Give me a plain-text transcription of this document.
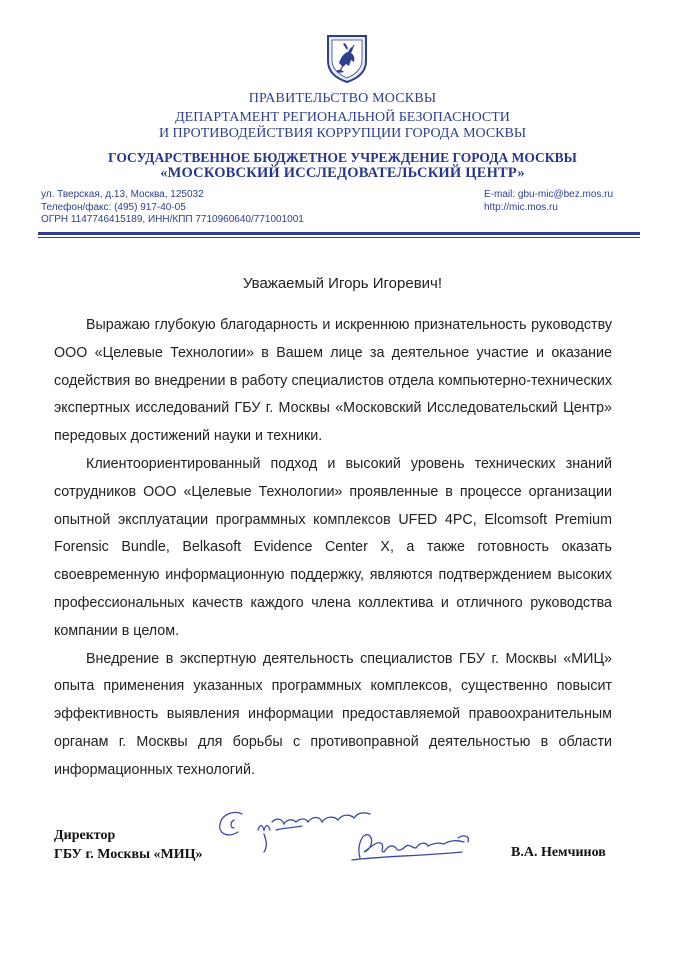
ПРАВИТЕЛЬСТВО МОСКВЫ
ДЕПАРТАМЕНТ РЕГИОНАЛЬНОЙ БЕЗОПАСНОСТИ
И ПРОТИВОДЕЙСТВИЯ КОРРУПЦИИ ГОРОДА МОСКВЫ
ГОСУДАРСТВЕННОЕ БЮДЖЕТНОЕ УЧРЕЖДЕНИЕ ГОРОДА МОСКВЫ
«МОСКОВСКИЙ ИССЛЕДОВАТЕЛЬСКИЙ ЦЕНТР»
ул. Тверская, д.13, Москва, 125032
Телефон/факс: (495) 917-40-05
ОГРН 1147746415189, ИНН/КПП 7710960640/771001001
E-mail: gbu-mic@bez.mos.ru
http://mic.mos.ru
Уважаемый Игорь Игоревич!

Выражаю глубокую благодарность и искреннюю признательность руководству ООО «Целевые Технологии» в Вашем лице за деятельное участие и оказание содействия во внедрении в работу специалистов отдела компьютерно-технических экспертных исследований ГБУ г. Москвы «Московский Исследовательский Центр» передовых достижений науки и техники.

Клиентоориентированный подход и высокий уровень технических знаний сотрудников ООО «Целевые Технологии» проявленные в процессе организации опытной эксплуатации программных комплексов UFED 4PC, Elcomsoft Premium Forensic Bundle, Belkasoft Evidence Center X, а также готовность оказать своевременную информационную поддержку, являются подтверждением высоких профессиональных качеств каждого члена коллектива и отличного руководства компании в целом.

Внедрение в экспертную деятельность специалистов ГБУ г. Москвы «МИЦ» опыта применения указанных программных комплексов, существенно повысит эффективность выявления информации предоставляемой правоохранительным органам г. Москвы для борьбы с противоправной деятельностью в области информационных технологий.

Директор
ГБУ г. Москвы «МИЦ»	В.А. Немчинов
